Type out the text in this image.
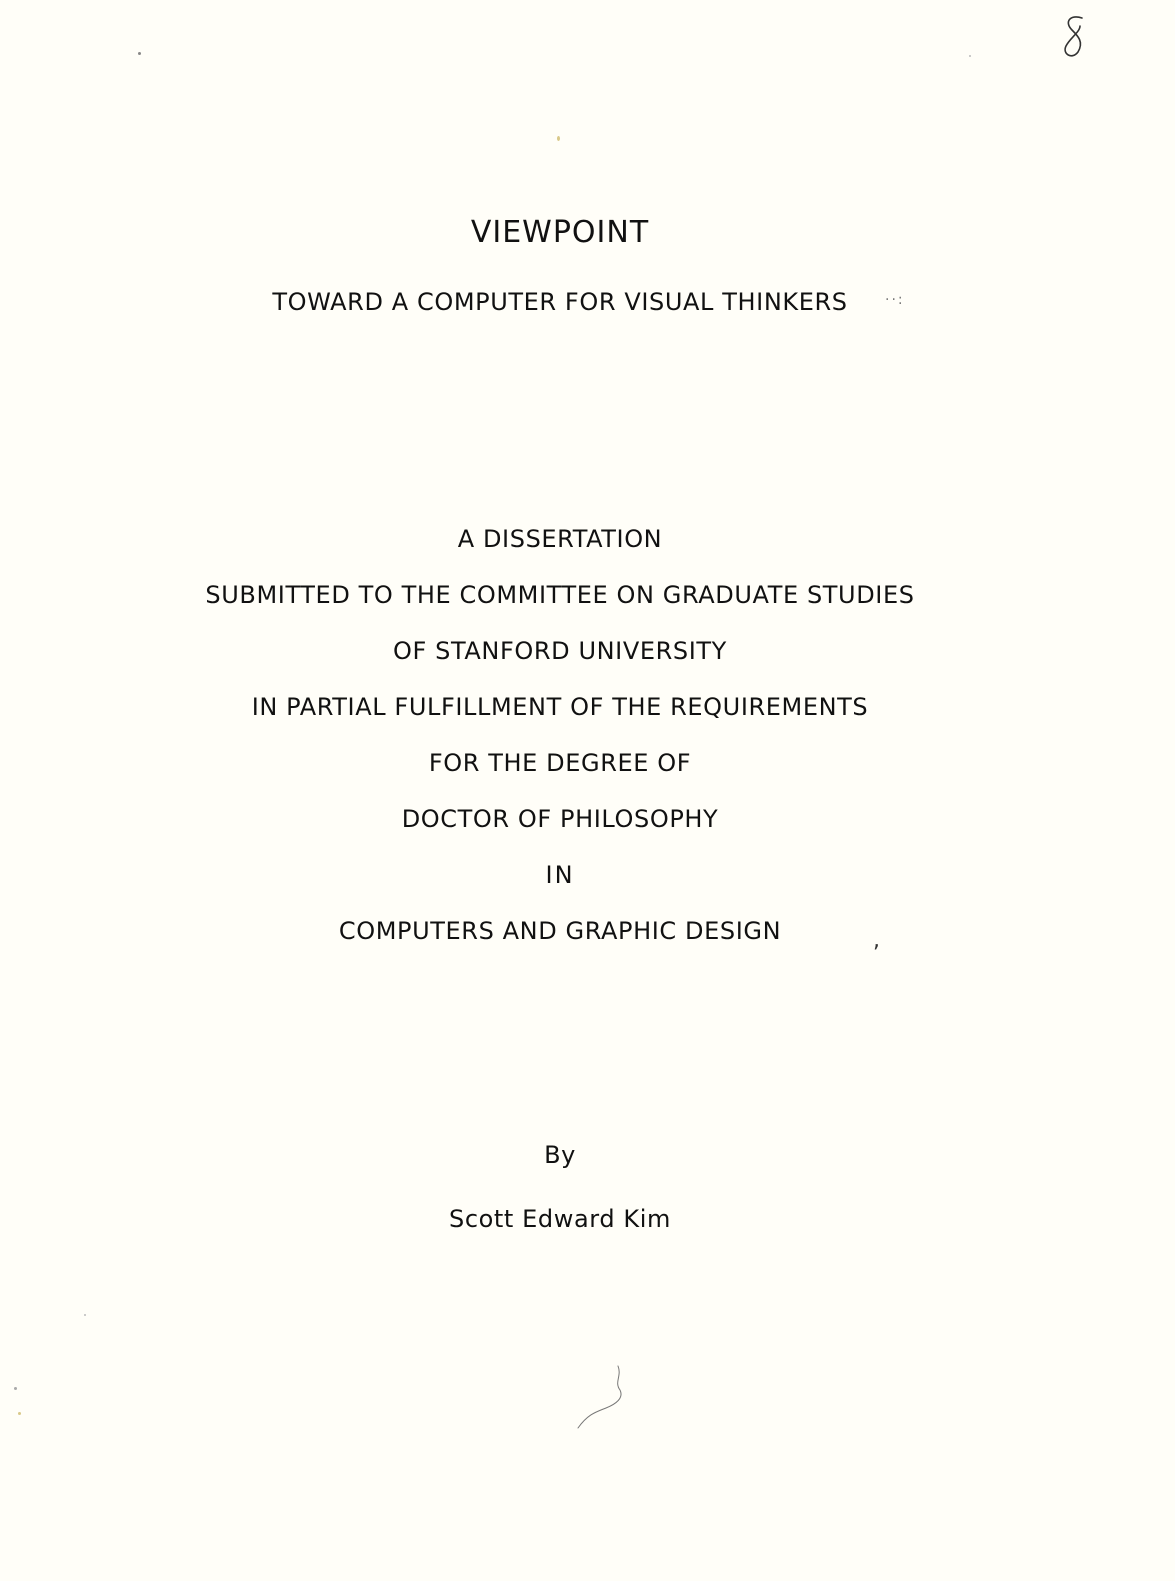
VIEWPOINT
TOWARD A COMPUTER FOR VISUAL THINKERS	··:
A DISSERTATION
SUBMITTED TO THE COMMITTEE ON GRADUATE STUDIES
OF STANFORD UNIVERSITY
IN PARTIAL FULFILLMENT OF THE REQUIREMENTS
FOR THE DEGREE OF
DOCTOR OF PHILOSOPHY
IN
COMPUTERS AND GRAPHIC DESIGN	,
By
Scott Edward Kim
